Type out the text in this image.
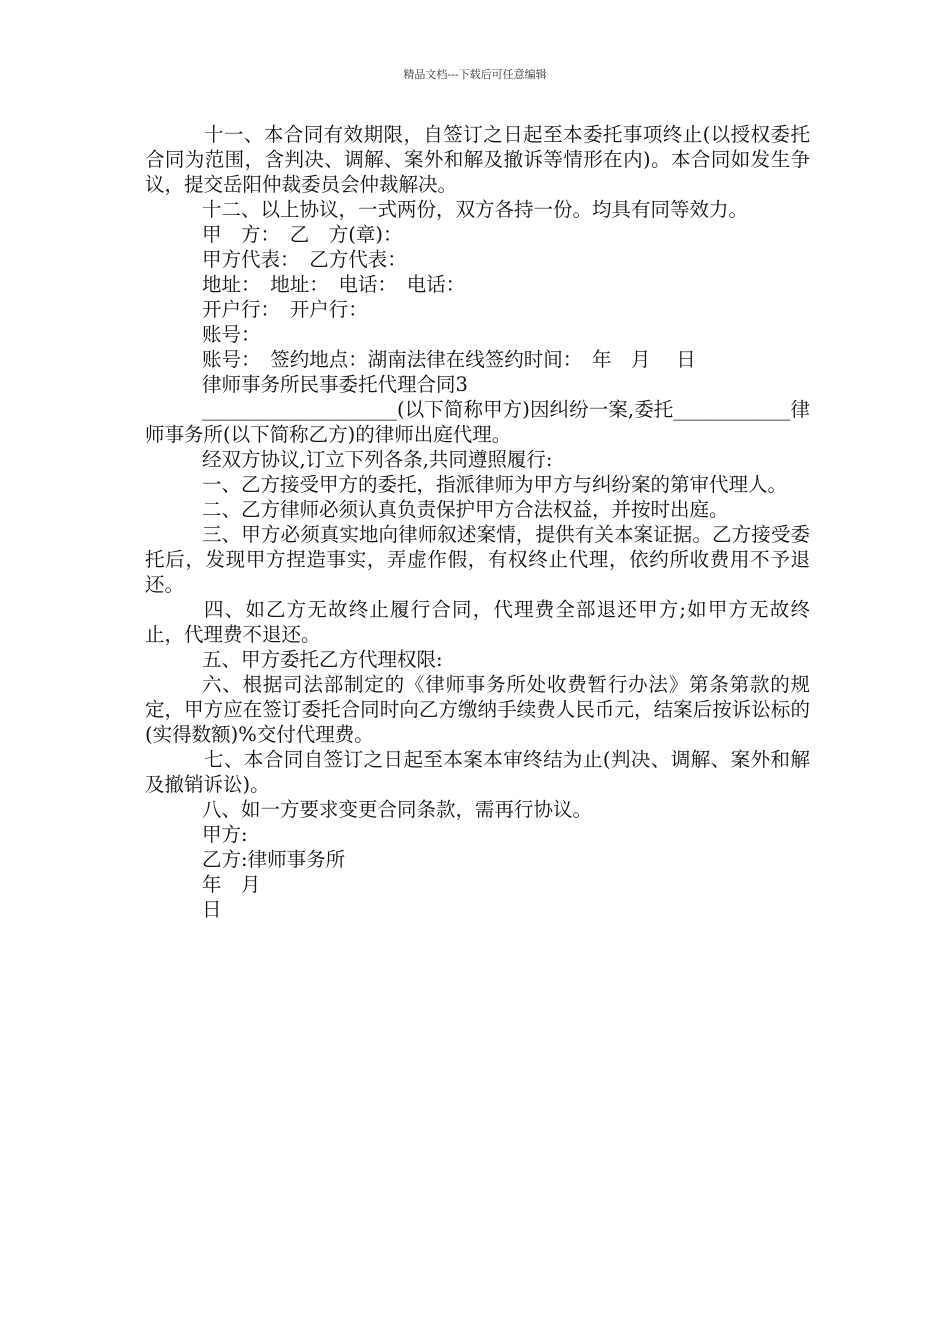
精品文档---下载后可任意编辑

十一、本合同有效期限，自签订之日起至本委托事项终止(以授权委托合同为范围，含判决、调解、案外和解及撤诉等情形在内)。本合同如发生争议，提交岳阳仲裁委员会仲裁解决。

十二、以上协议，一式两份，双方各持一份。均具有同等效力。

甲　方：　乙　方(章)：

甲方代表：　乙方代表：

地址：　地址：　电话：　电话：

开户行：　开户行：

账号：

账号：　签约地点：湖南法律在线签约时间：　年　月　 日

律师事务所民事委托代理合同3

____________________(以下简称甲方)因纠纷一案,委托____________律师事务所(以下简称乙方)的律师出庭代理。

经双方协议,订立下列各条,共同遵照履行:

一、乙方接受甲方的委托，指派律师为甲方与纠纷案的第审代理人。

二、乙方律师必须认真负责保护甲方合法权益，并按时出庭。

三、甲方必须真实地向律师叙述案情，提供有关本案证据。乙方接受委托后，发现甲方捏造事实，弄虚作假，有权终止代理，依约所收费用不予退还。

四、如乙方无故终止履行合同，代理费全部退还甲方;如甲方无故终止，代理费不退还。

五、甲方委托乙方代理权限:

六、根据司法部制定的《律师事务所处收费暂行办法》第条第款的规定，甲方应在签订委托合同时向乙方缴纳手续费人民币元，结案后按诉讼标的(实得数额)%交付代理费。

七、本合同自签订之日起至本案本审终结为止(判决、调解、案外和解及撤销诉讼)。

八、如一方要求变更合同条款，需再行协议。

甲方:

乙方:律师事务所

年　月

日
